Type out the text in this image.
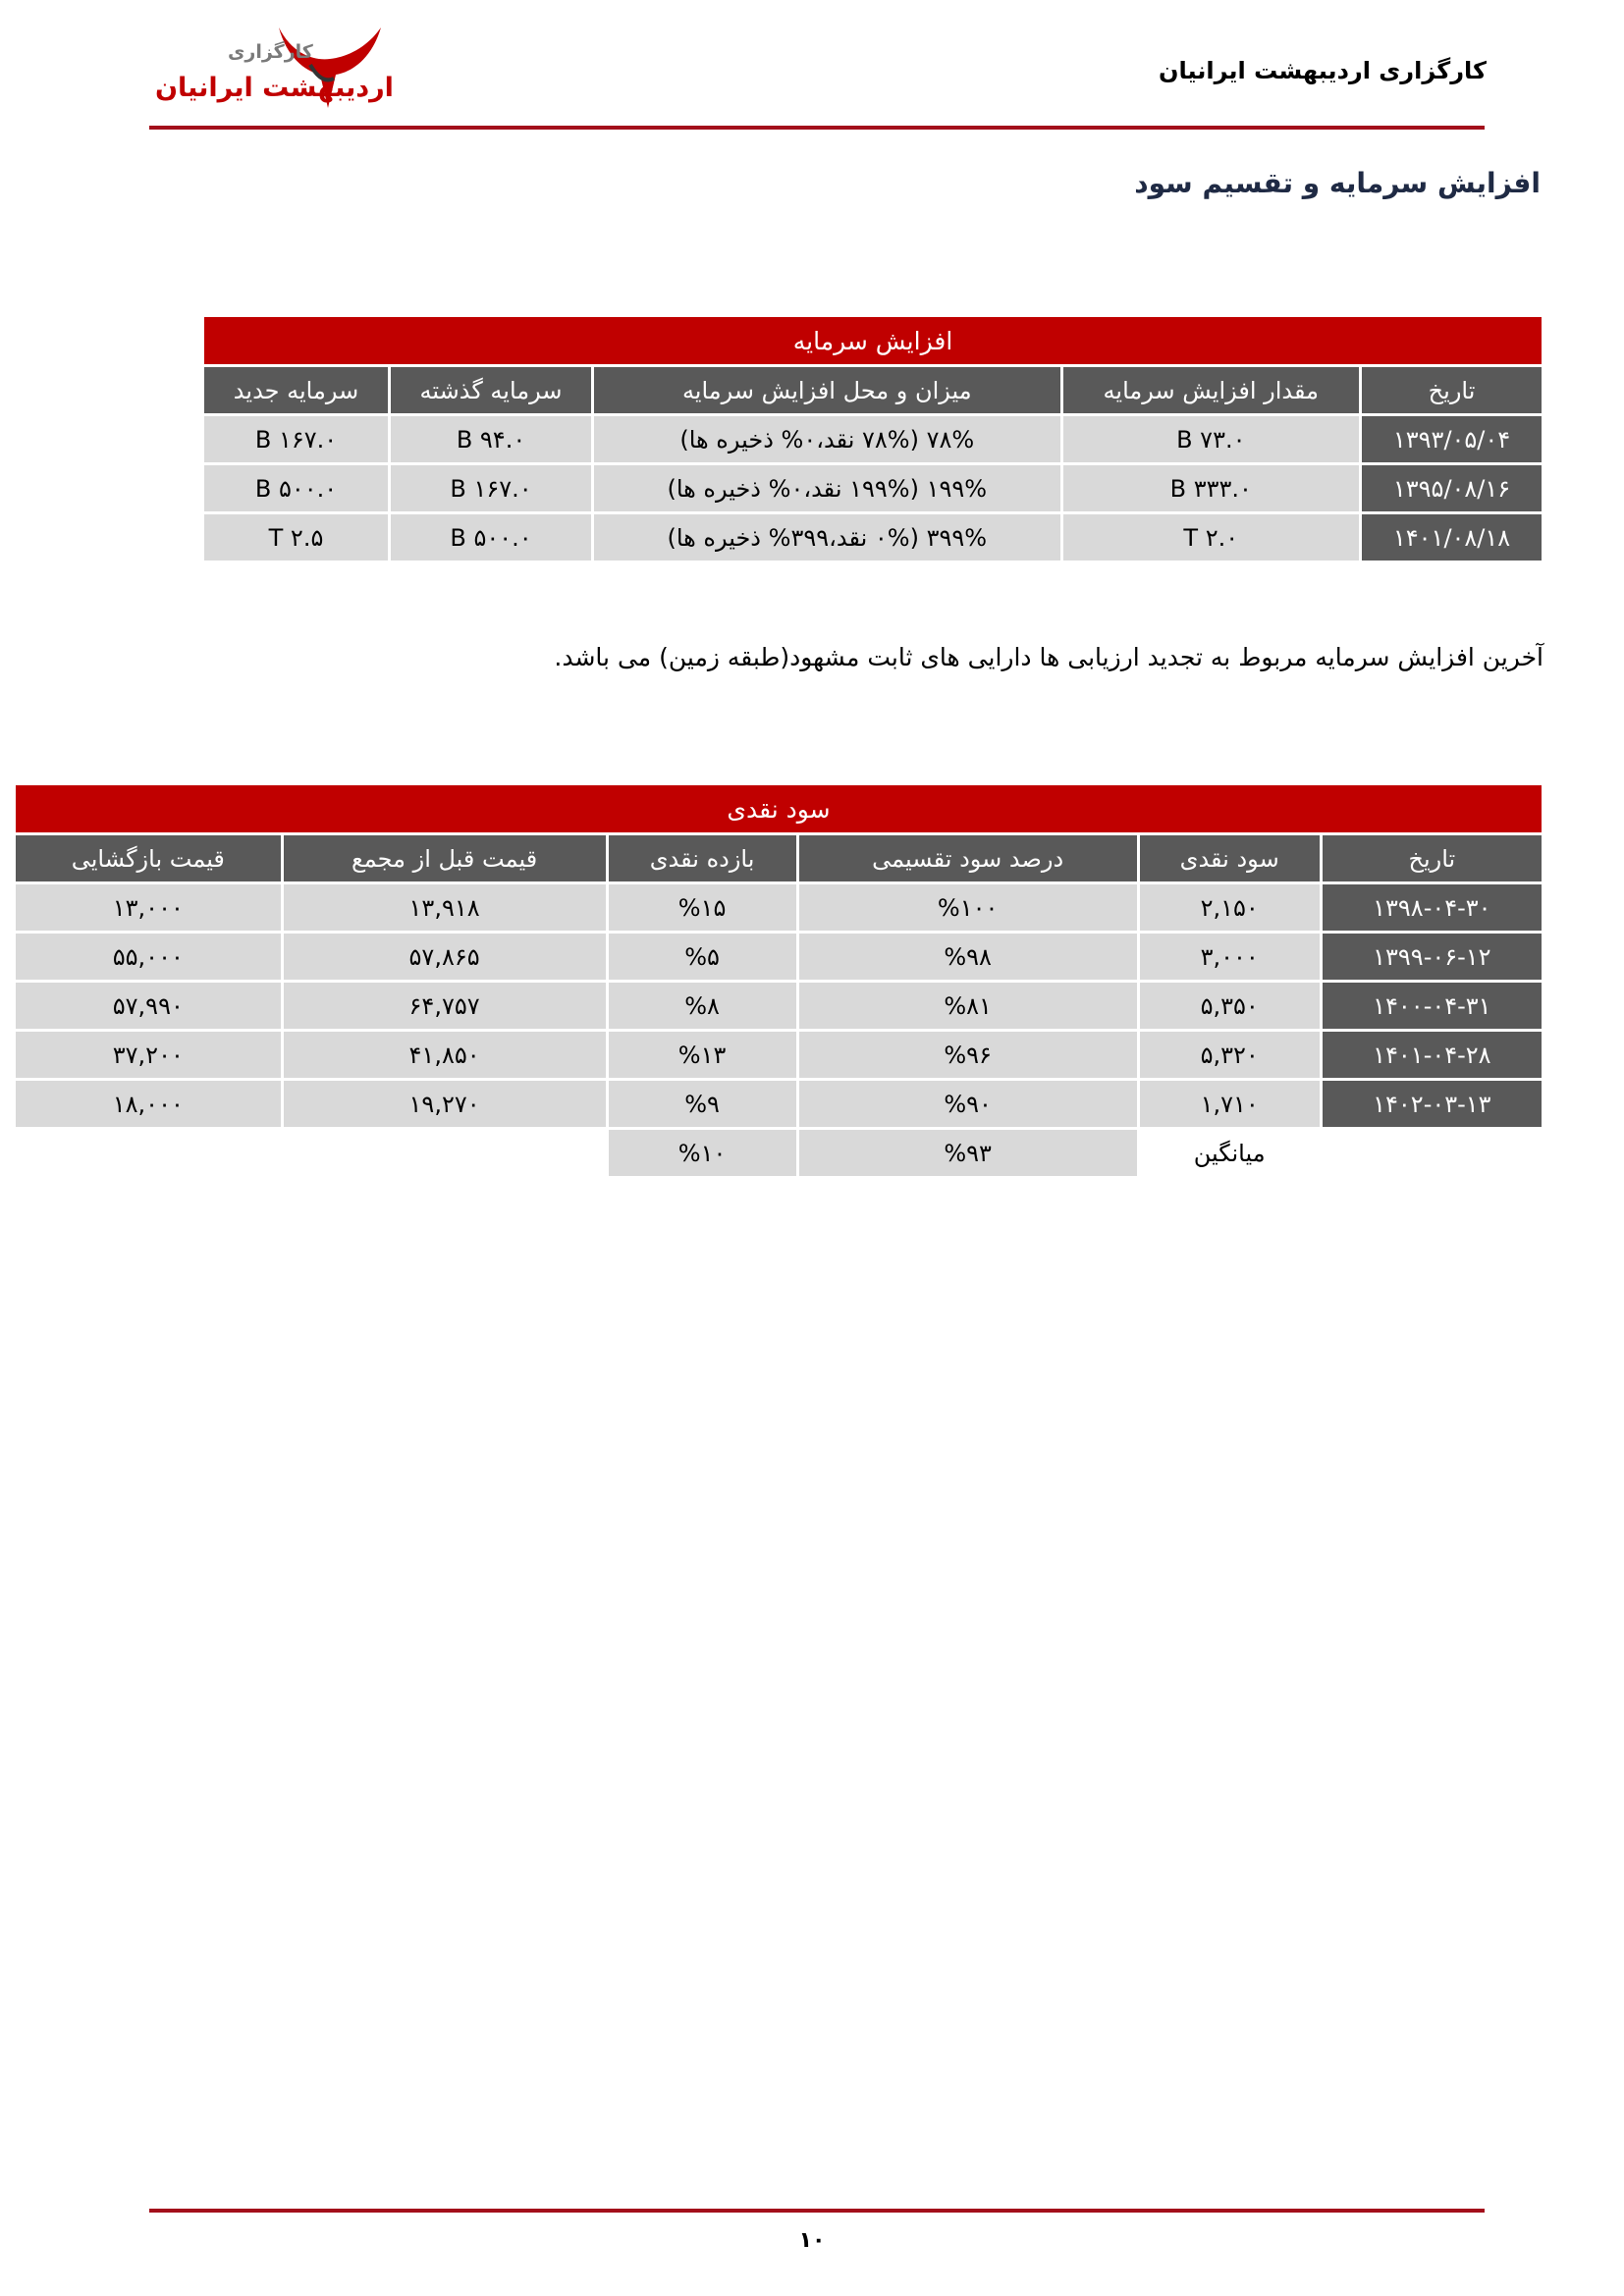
کارگزاری
اردیبهشت ایرانیان
کارگزاری اردیبهشت ایرانیان
افزایش سرمایه و تقسیم سود
افزایش سرمایه				
تاریخ	مقدار افزایش سرمایه	میزان و محل افزایش سرمایه	سرمایه گذشته	سرمایه جدید
۱۳۹۳/۰۵/۰۴	B ۷۳.۰	۷۸% (۷۸% نقد،۰% ذخیره ها)	B ۹۴.۰	B ۱۶۷.۰
۱۳۹۵/۰۸/۱۶	B ۳۳۳.۰	۱۹۹% (۱۹۹% نقد،۰% ذخیره ها)	B ۱۶۷.۰	B ۵۰۰.۰
۱۴۰۱/۰۸/۱۸	T ۲.۰	۳۹۹% (۰% نقد،۳۹۹% ذخیره ها)	B ۵۰۰.۰	T ۲.۵
آخرین افزایش سرمایه مربوط به تجدید ارزیابی ها دارایی های ثابت مشهود(طبقه زمین) می باشد.
سود نقدی					
تاریخ	سود نقدی	درصد سود تقسیمی	بازده نقدی	قیمت قبل از مجمع	قیمت بازگشایی
۱۳۹۸-۰۴-۳۰	۲,۱۵۰	%۱۰۰	%۱۵	۱۳,۹۱۸	۱۳,۰۰۰
۱۳۹۹-۰۶-۱۲	۳,۰۰۰	%۹۸	%۵	۵۷,۸۶۵	۵۵,۰۰۰
۱۴۰۰-۰۴-۳۱	۵,۳۵۰	%۸۱	%۸	۶۴,۷۵۷	۵۷,۹۹۰
۱۴۰۱-۰۴-۲۸	۵,۳۲۰	%۹۶	%۱۳	۴۱,۸۵۰	۳۷,۲۰۰
۱۴۰۲-۰۳-۱۳	۱,۷۱۰	%۹۰	%۹	۱۹,۲۷۰	۱۸,۰۰۰
	میانگین	%۹۳	%۱۰		
۱۰
